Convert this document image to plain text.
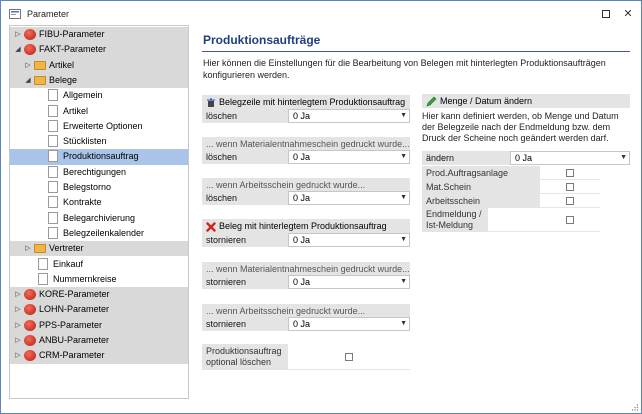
Parameter	✕
▷ FIBU-Parameter
◢ FAKT-Parameter
▷ Artikel
◢ Belege
Allgemein
Artikel
Erweiterte Optionen
Stücklisten
Produktionsauftrag
Berechtigungen
Belegstorno
Kontrakte
Belegarchivierung
Belegzeilenkalender
▷ Vertreter
Einkauf
Nummernkreise
▷ KORE-Parameter
▷ LOHN-Parameter
▷ PPS-Parameter
▷ ANBU-Parameter
▷ CRM-Parameter
Produktionsaufträge
Hier können die Einstellungen für die Bearbeitung von Belegen mit hinterlegten Produktionsaufträgen konfigurieren werden.
Belegzeile mit hinterlegtem Produktionsauftrag
löschen	0 Ja	▼
... wenn Materialentnahmeschein gedruckt wurde...
löschen	0 Ja	▼
... wenn Arbeitsschein gedruckt wurde...
löschen	0 Ja	▼
Beleg mit hinterlegtem Produktionsauftrag
stornieren	0 Ja	▼
... wenn Materialentnahmeschein gedruckt wurde...
stornieren	0 Ja	▼
... wenn Arbeitsschein gedruckt wurde...
stornieren	0 Ja	▼
Produktionsauftrag optional löschen
Menge / Datum ändern
Hier kann definiert werden, ob Menge und Datum der Belegzeile nach der Endmeldung bzw. dem Druck der Scheine noch geändert werden darf.
ändern	0 Ja	▼
Prod.Auftragsanlage
Mat.Schein
Arbeitsschein
Endmeldung / Ist-Meldung
